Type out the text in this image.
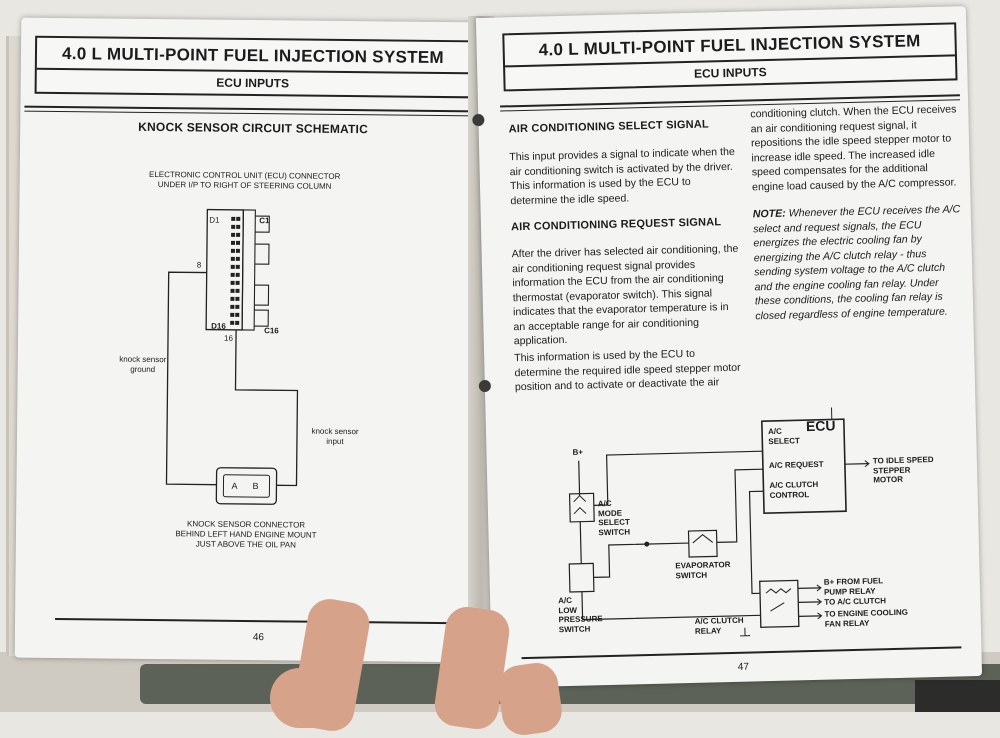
4.0 L MULTI-POINT FUEL INJECTION SYSTEM
ECU INPUTS
KNOCK SENSOR CIRCUIT SCHEMATIC
ELECTRONIC CONTROL UNIT (ECU) CONNECTOR
UNDER I/P TO RIGHT OF STEERING COLUMN
D1	C1
8
D16	C16
16
knock sensor
ground
knock sensor
input
A B
KNOCK SENSOR CONNECTOR
BEHIND LEFT HAND ENGINE MOUNT
JUST ABOVE THE OIL PAN
46
4.0 L MULTI-POINT FUEL INJECTION SYSTEM
ECU INPUTS
AIR CONDITIONING SELECT SIGNAL
This input provides a signal to indicate when the air conditioning switch is activated by the driver. This information is used by the ECU to determine the idle speed.
AIR CONDITIONING REQUEST SIGNAL
After the driver has selected air conditioning, the air conditioning request signal provides information the ECU from the air conditioning thermostat (evaporator switch). This signal indicates that the evaporator temperature is in an acceptable range for air conditioning application.
This information is used by the ECU to determine the required idle speed stepper motor position and to activate or deactivate the air
conditioning clutch. When the ECU receives an air conditioning request signal, it repositions the idle speed stepper motor to increase idle speed. The increased idle speed compensates for the additional engine load caused by the A/C compressor.
NOTE: Whenever the ECU receives the A/C select and request signals, the ECU energizes the electric cooling fan by energizing the A/C clutch relay - thus sending system voltage to the A/C clutch and the engine cooling fan relay. Under these conditions, the cooling fan relay is closed regardless of engine temperature.
A/C
SELECT
ECU
A/C REQUEST
A/C CLUTCH
CONTROL
TO IDLE SPEED
STEPPER
MOTOR
B+
A/C
MODE
SELECT
SWITCH
EVAPORATOR
SWITCH
A/C
LOW
PRESSURE
SWITCH
A/C CLUTCH
RELAY
B+ FROM FUEL
PUMP RELAY
TO A/C CLUTCH
TO ENGINE COOLING
FAN RELAY
47
